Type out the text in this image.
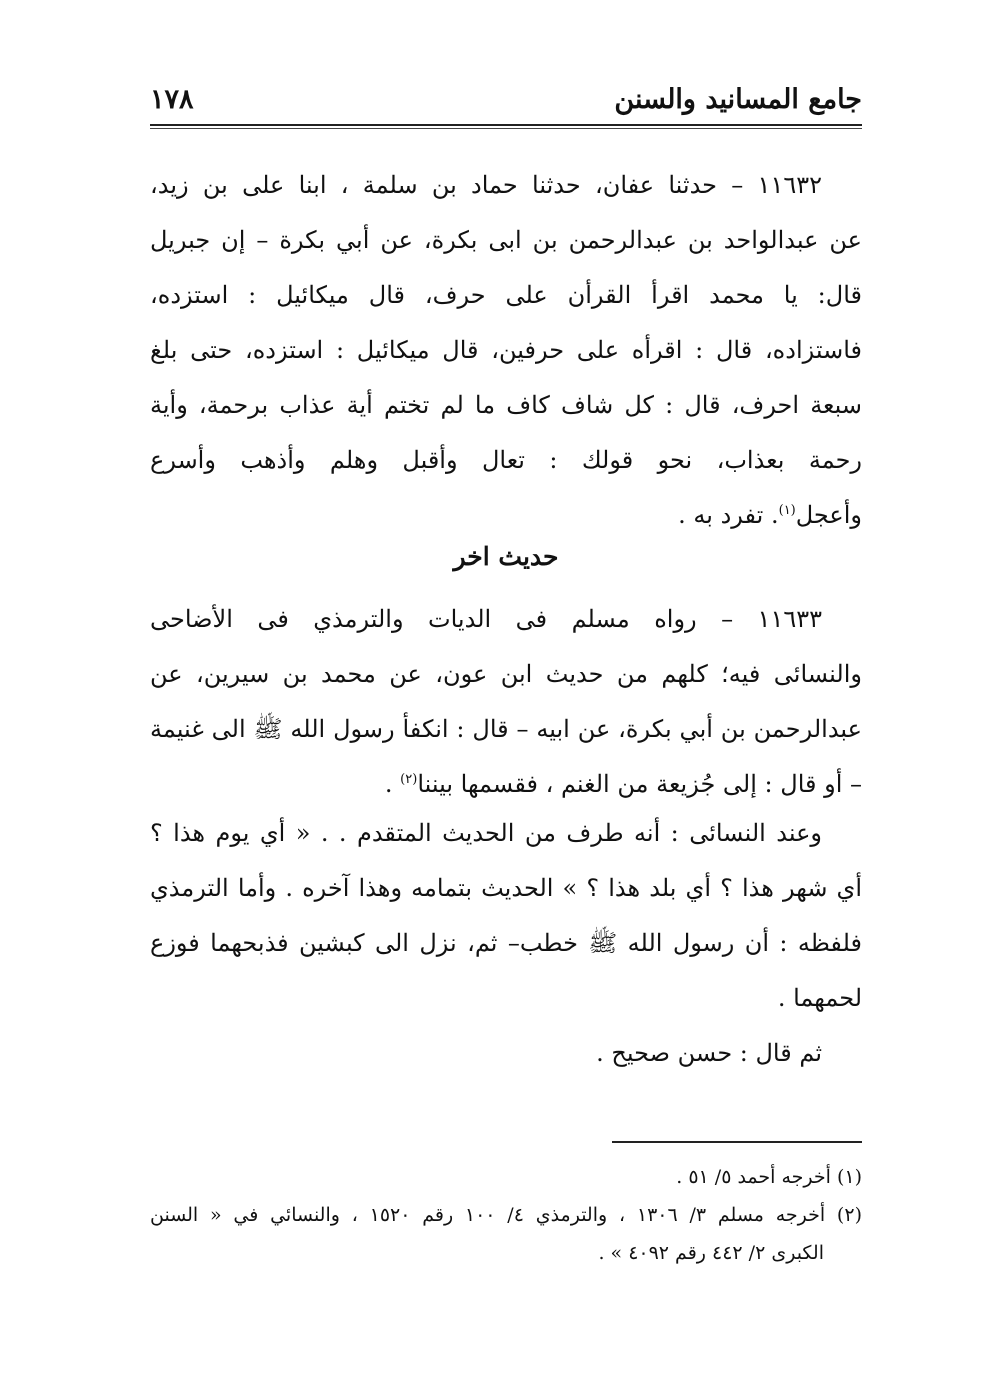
جامع المسانيد والسنن
١٧٨
١١٦٣٢ – حدثنا عفان، حدثنا حماد بن سلمة ، ابنا على بن زيد،
عن عبدالواحد بن عبدالرحمن بن ابى بكرة، عن أبي بكرة – إن جبريل
قال: يا محمد اقرأ القرأن على حرف، قال ميكائيل : استزده،
فاستزاده، قال : اقرأه على حرفين، قال ميكائيل : استزده، حتى بلغ
سبعة احرف، قال : كل شاف كاف ما لم تختم أية عذاب برحمة، وأية
رحمة بعذاب، نحو قولك : تعال وأقبل وهلم وأذهب وأسرع
وأعجل$^{(١)}$. تفرد به .
حديث اخر
١١٦٣٣ – رواه مسلم فى الديات والترمذي فى الأضاحى
والنسائى فيه؛ كلهم من حديث ابن عون، عن محمد بن سيرين، عن
عبدالرحمن بن أبي بكرة، عن ابيه – قال : انكفأ رسول الله ﷺ الى غنيمة
– أو قال : إلى جُزيعة من الغنم ، فقسمها بيننا$^{(٢)}$ .
وعند النسائى : أنه طرف من الحديث المتقدم . . « أي يوم هذا ؟
أي شهر هذا ؟ أي بلد هذا ؟ » الحديث بتمامه وهذا آخره . وأما الترمذي
فلفظه : أن رسول الله ﷺ خطب– ثم، نزل الى كبشين فذبحهما فوزع
لحمهما .
ثم قال : حسن صحيح .
(١) أخرجه أحمد ٥/ ٥١ .
(٢) أخرجه مسلم ٣/ ١٣٠٦ ، والترمذي ٤/ ١٠٠ رقم ١٥٢٠ ، والنسائي في « السنن
الكبرى ٢/ ٤٤٢ رقم ٤٠٩٢ » .
